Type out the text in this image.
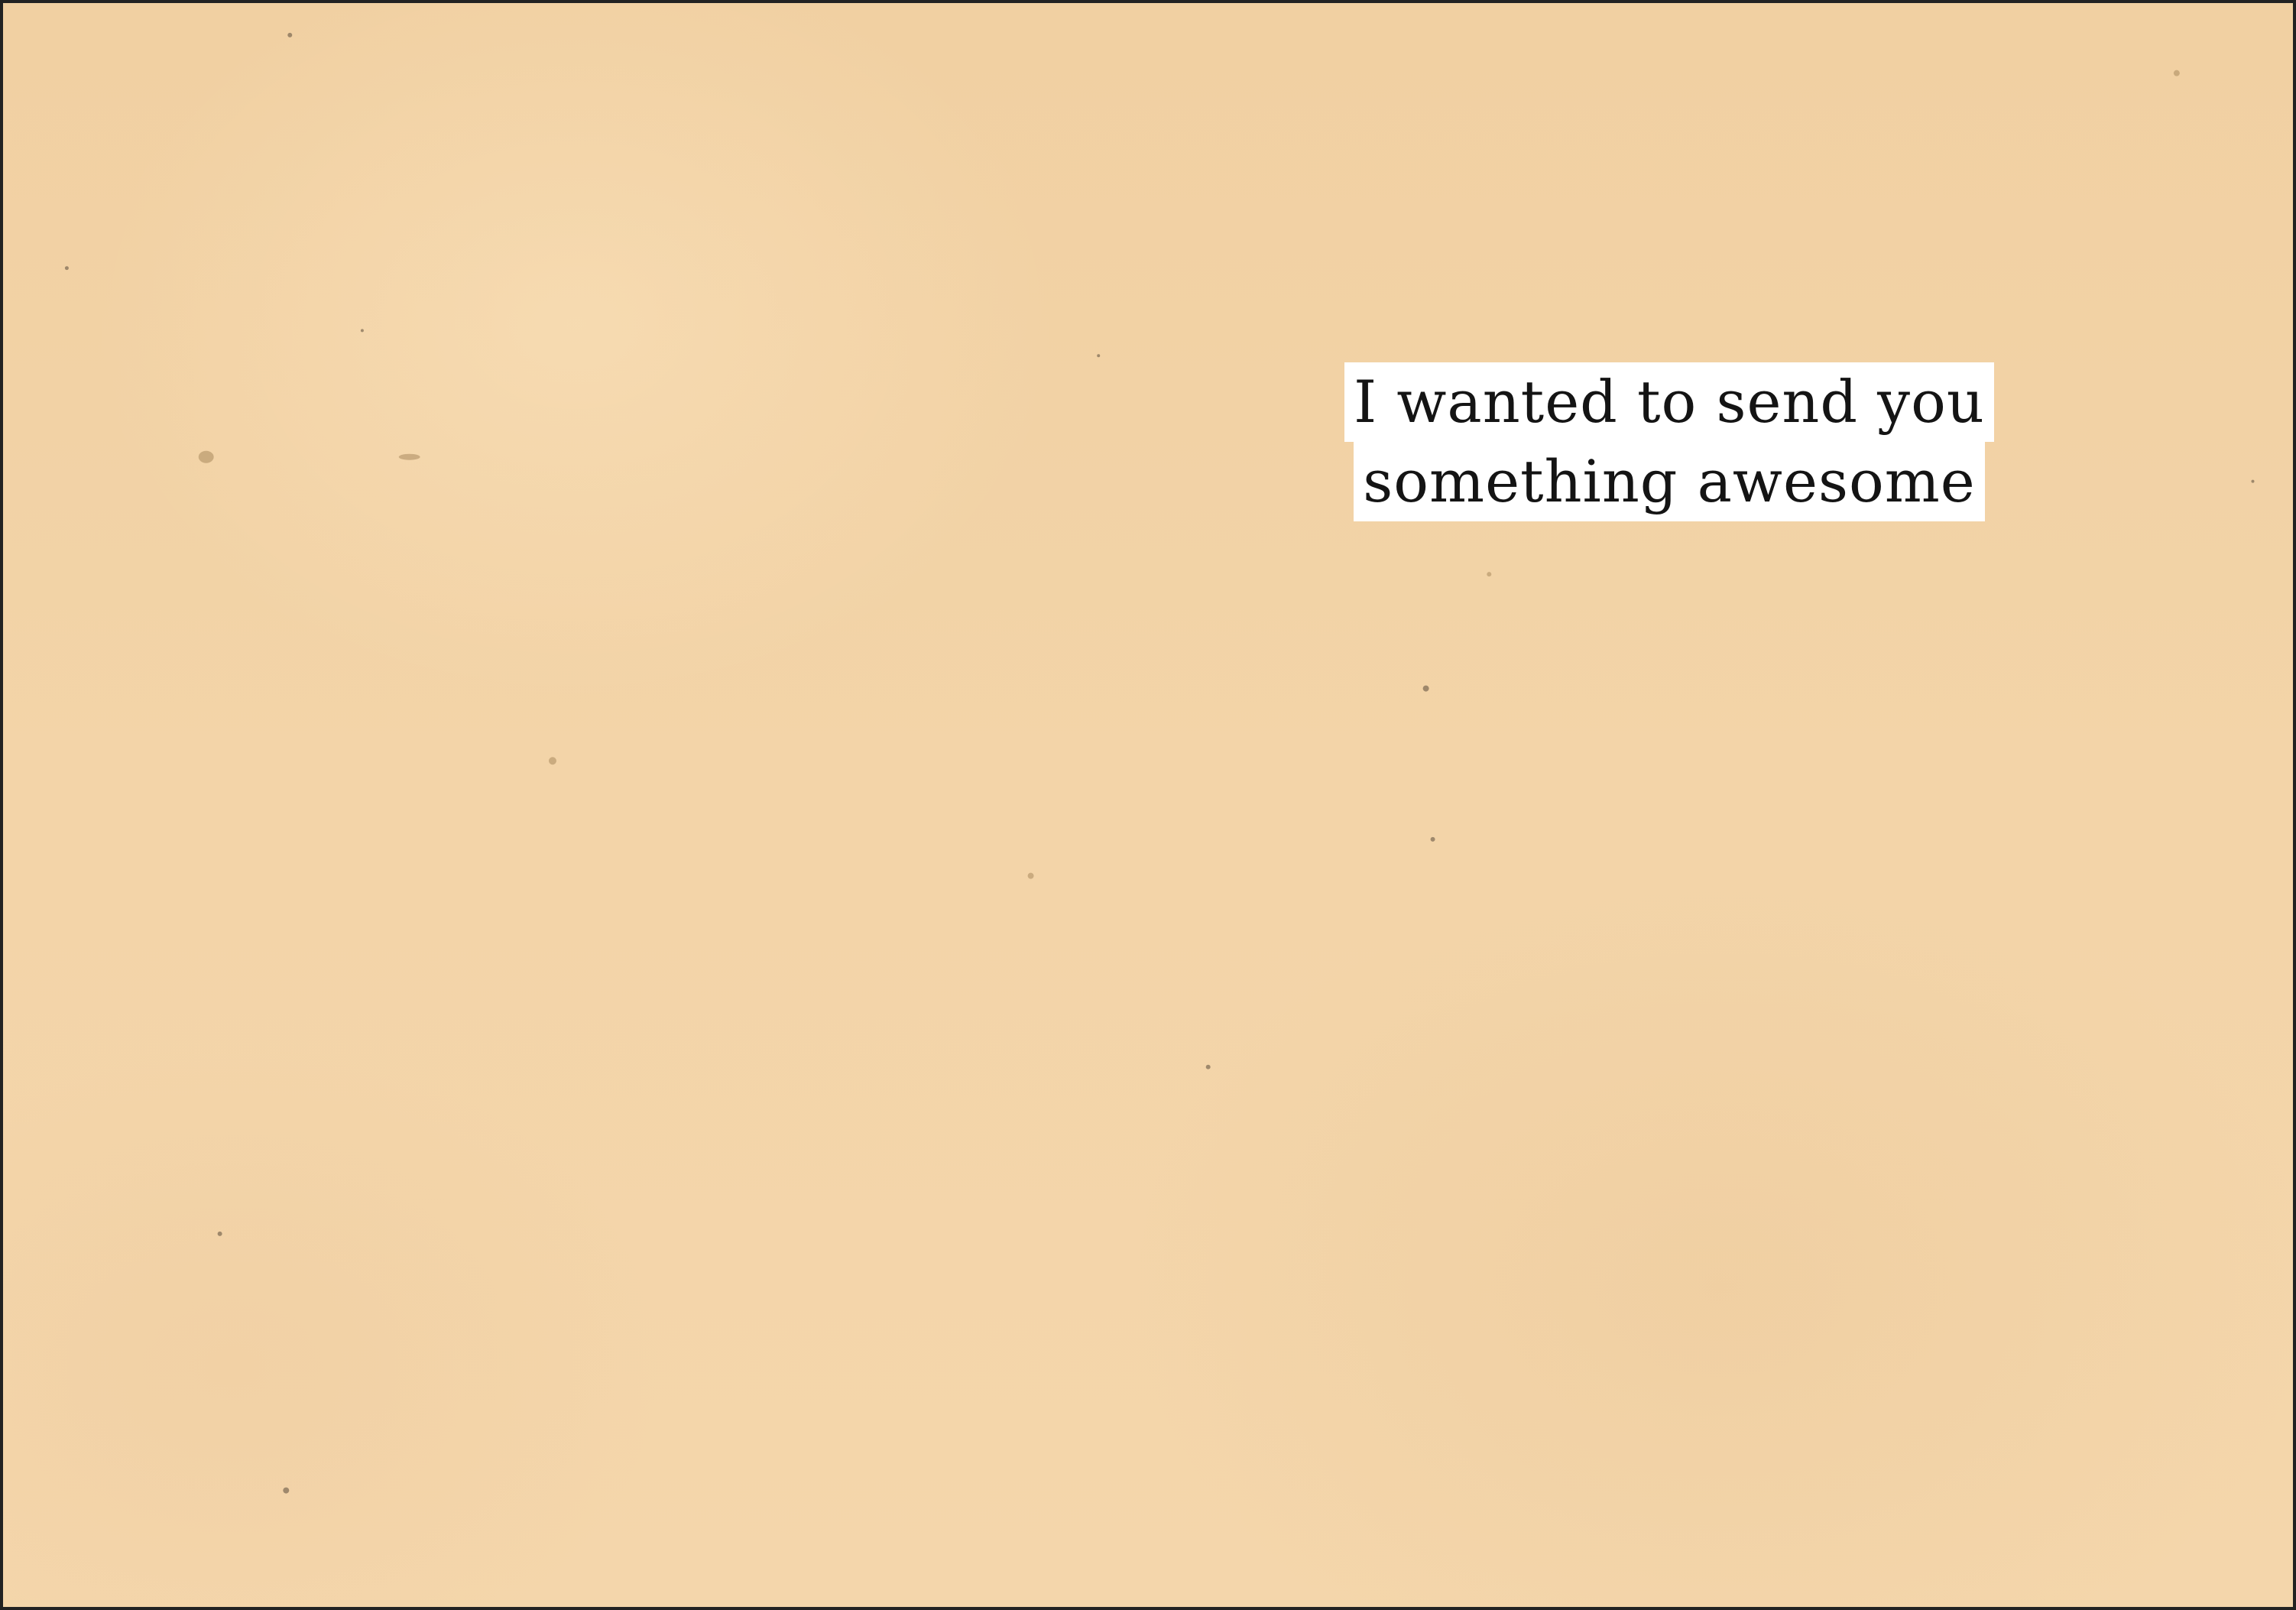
I wanted to send you
something awesome
